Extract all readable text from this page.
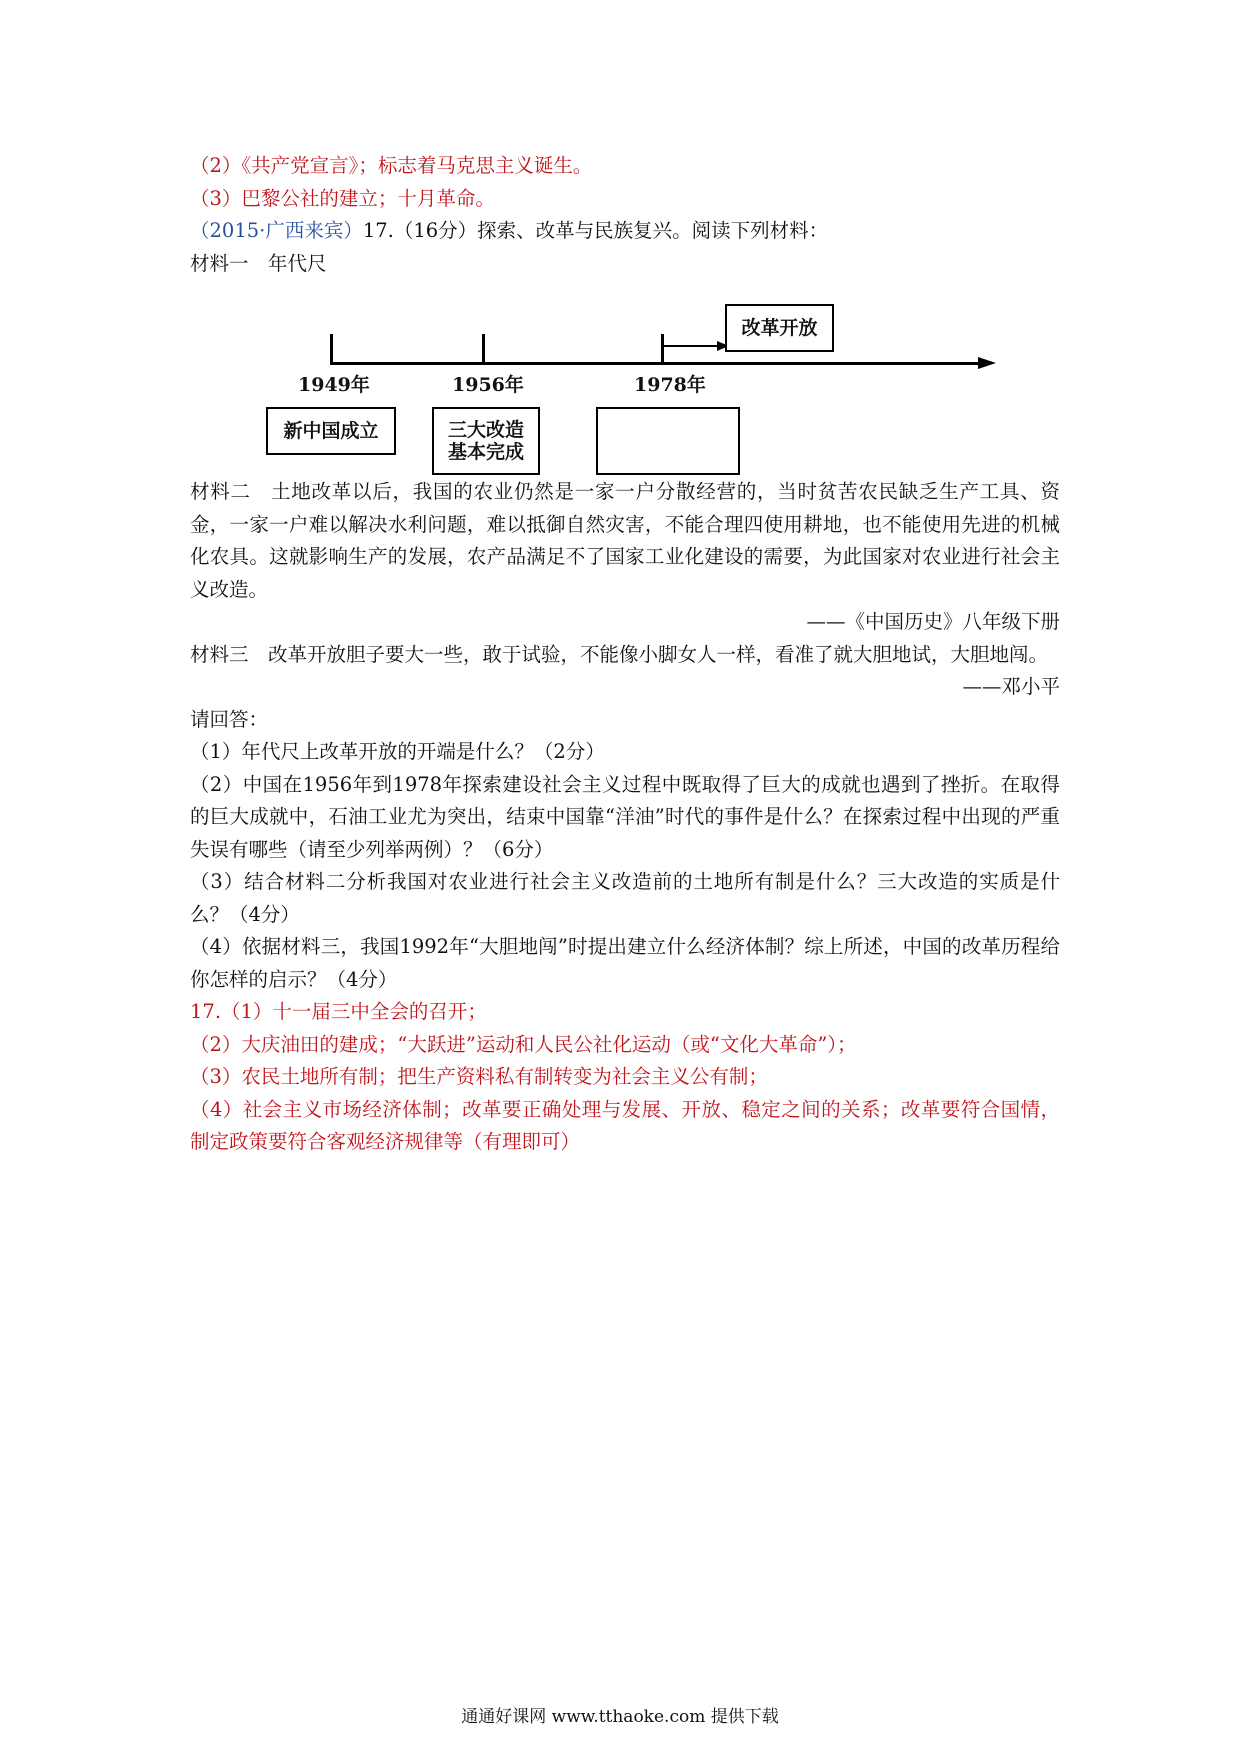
（2）《共产党宣言》；标志着马克思主义诞生。
（3）巴黎公社的建立；十月革命。
（2015·广西来宾）17.（16分）探索、改革与民族复兴。阅读下列材料：
材料一　年代尺
改革开放
1949年	1956年	1978年
新中国成立	三大改造
基本完成
材料二　土地改革以后，我国的农业仍然是一家一户分散经营的，当时贫苦农民缺乏生产工具、资金，一家一户难以解决水利问题，难以抵御自然灾害，不能合理四使用耕地，也不能使用先进的机械化农具。这就影响生产的发展，农产品满足不了国家工业化建设的需要，为此国家对农业进行社会主义改造。
——《中国历史》八年级下册
材料三　改革开放胆子要大一些，敢于试验，不能像小脚女人一样，看准了就大胆地试，大胆地闯。
——邓小平
请回答：
（1）年代尺上改革开放的开端是什么？（2分）
（2）中国在1956年到1978年探索建设社会主义过程中既取得了巨大的成就也遇到了挫折。在取得的巨大成就中，石油工业尤为突出，结束中国靠“洋油”时代的事件是什么？在探索过程中出现的严重失误有哪些（请至少列举两例）？（6分）
（3）结合材料二分析我国对农业进行社会主义改造前的土地所有制是什么？三大改造的实质是什么？（4分）
（4）依据材料三，我国1992年“大胆地闯”时提出建立什么经济体制？综上所述，中国的改革历程给你怎样的启示？（4分）
17.（1）十一届三中全会的召开；
（2）大庆油田的建成；“大跃进”运动和人民公社化运动（或“文化大革命”）；
（3）农民土地所有制；把生产资料私有制转变为社会主义公有制；
（4）社会主义市场经济体制；改革要正确处理与发展、开放、稳定之间的关系；改革要符合国情，制定政策要符合客观经济规律等（有理即可）
通通好课网 www.tthaoke.com 提供下载
